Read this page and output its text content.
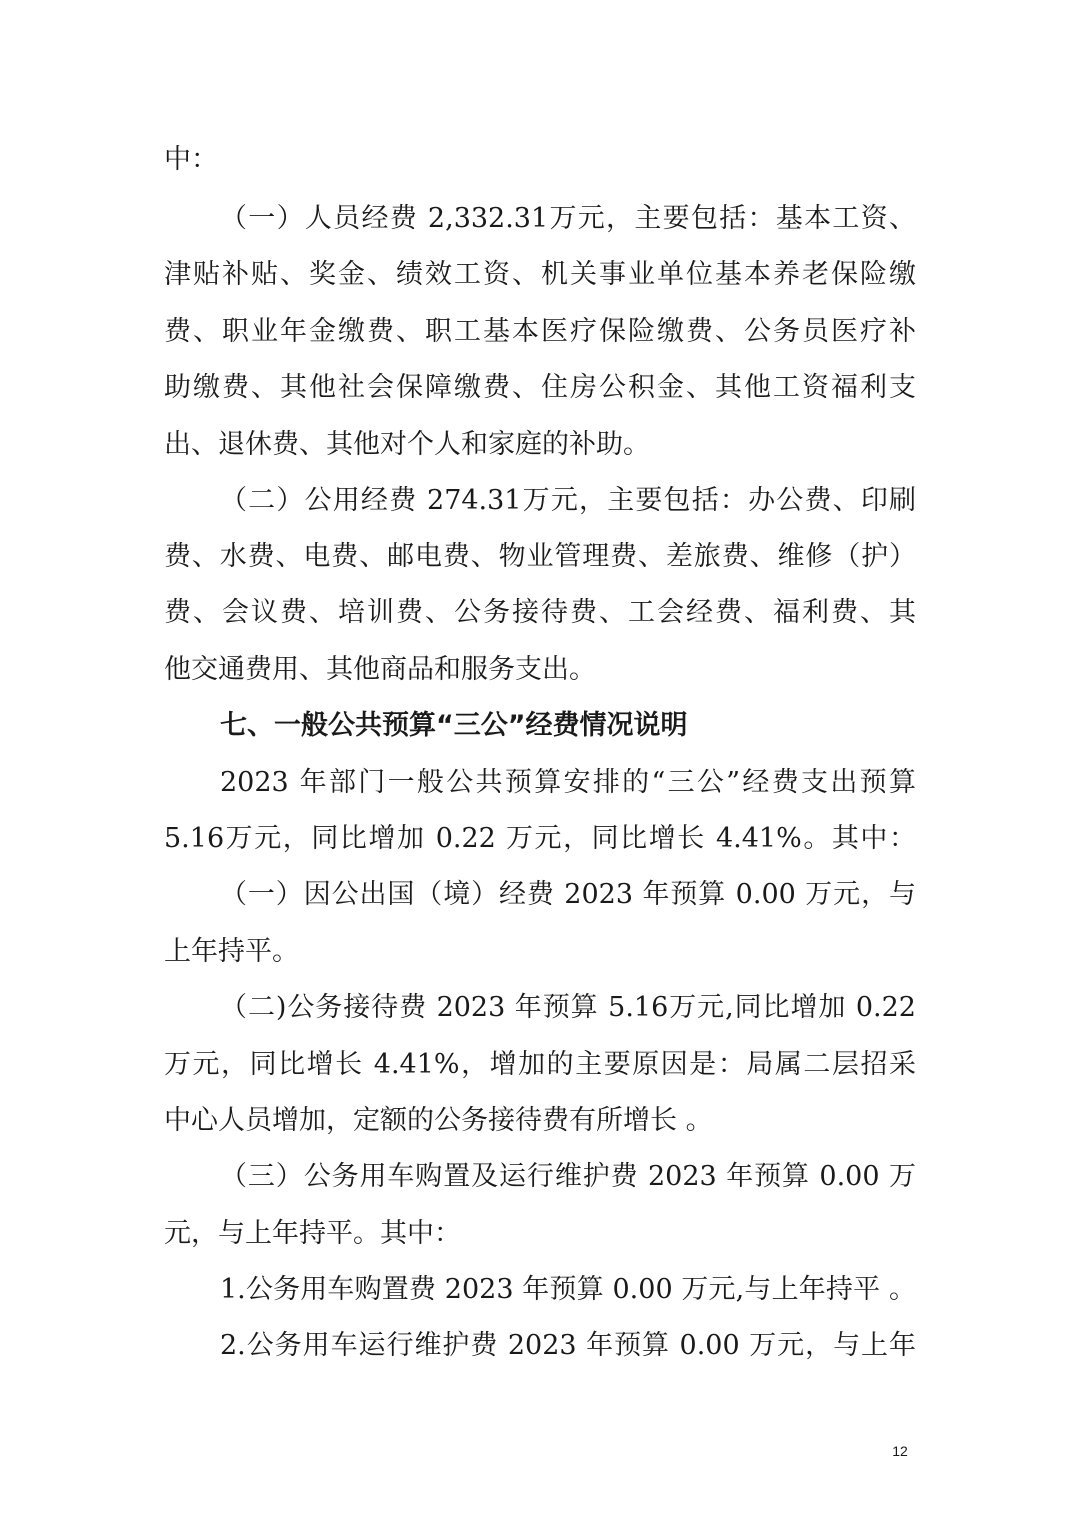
中：
（一）人员经费 2,332.31万元，主要包括：基本工资、
津贴补贴、奖金、绩效工资、机关事业单位基本养老保险缴
费、职业年金缴费、职工基本医疗保险缴费、公务员医疗补
助缴费、其他社会保障缴费、住房公积金、其他工资福利支
出、退休费、其他对个人和家庭的补助。
（二）公用经费 274.31万元，主要包括：办公费、印刷
费、水费、电费、邮电费、物业管理费、差旅费、维修（护）
费、会议费、培训费、公务接待费、工会经费、福利费、其
他交通费用、其他商品和服务支出。
七、一般公共预算“三公”经费情况说明
2023 年部门一般公共预算安排的“三公”经费支出预算
5.16万元，同比增加 0.22 万元，同比增长 4.41%。其中：
（一）因公出国（境）经费 2023 年预算 0.00 万元，与
上年持平。
（二)公务接待费 2023 年预算 5.16万元,同比增加 0.22
万元，同比增长 4.41%，增加的主要原因是：局属二层招采
中心人员增加，定额的公务接待费有所增长 。
（三）公务用车购置及运行维护费 2023 年预算 0.00 万
元，与上年持平。其中：
1.公务用车购置费 2023 年预算 0.00 万元,与上年持平 。
2.公务用车运行维护费 2023 年预算 0.00 万元，与上年
12
